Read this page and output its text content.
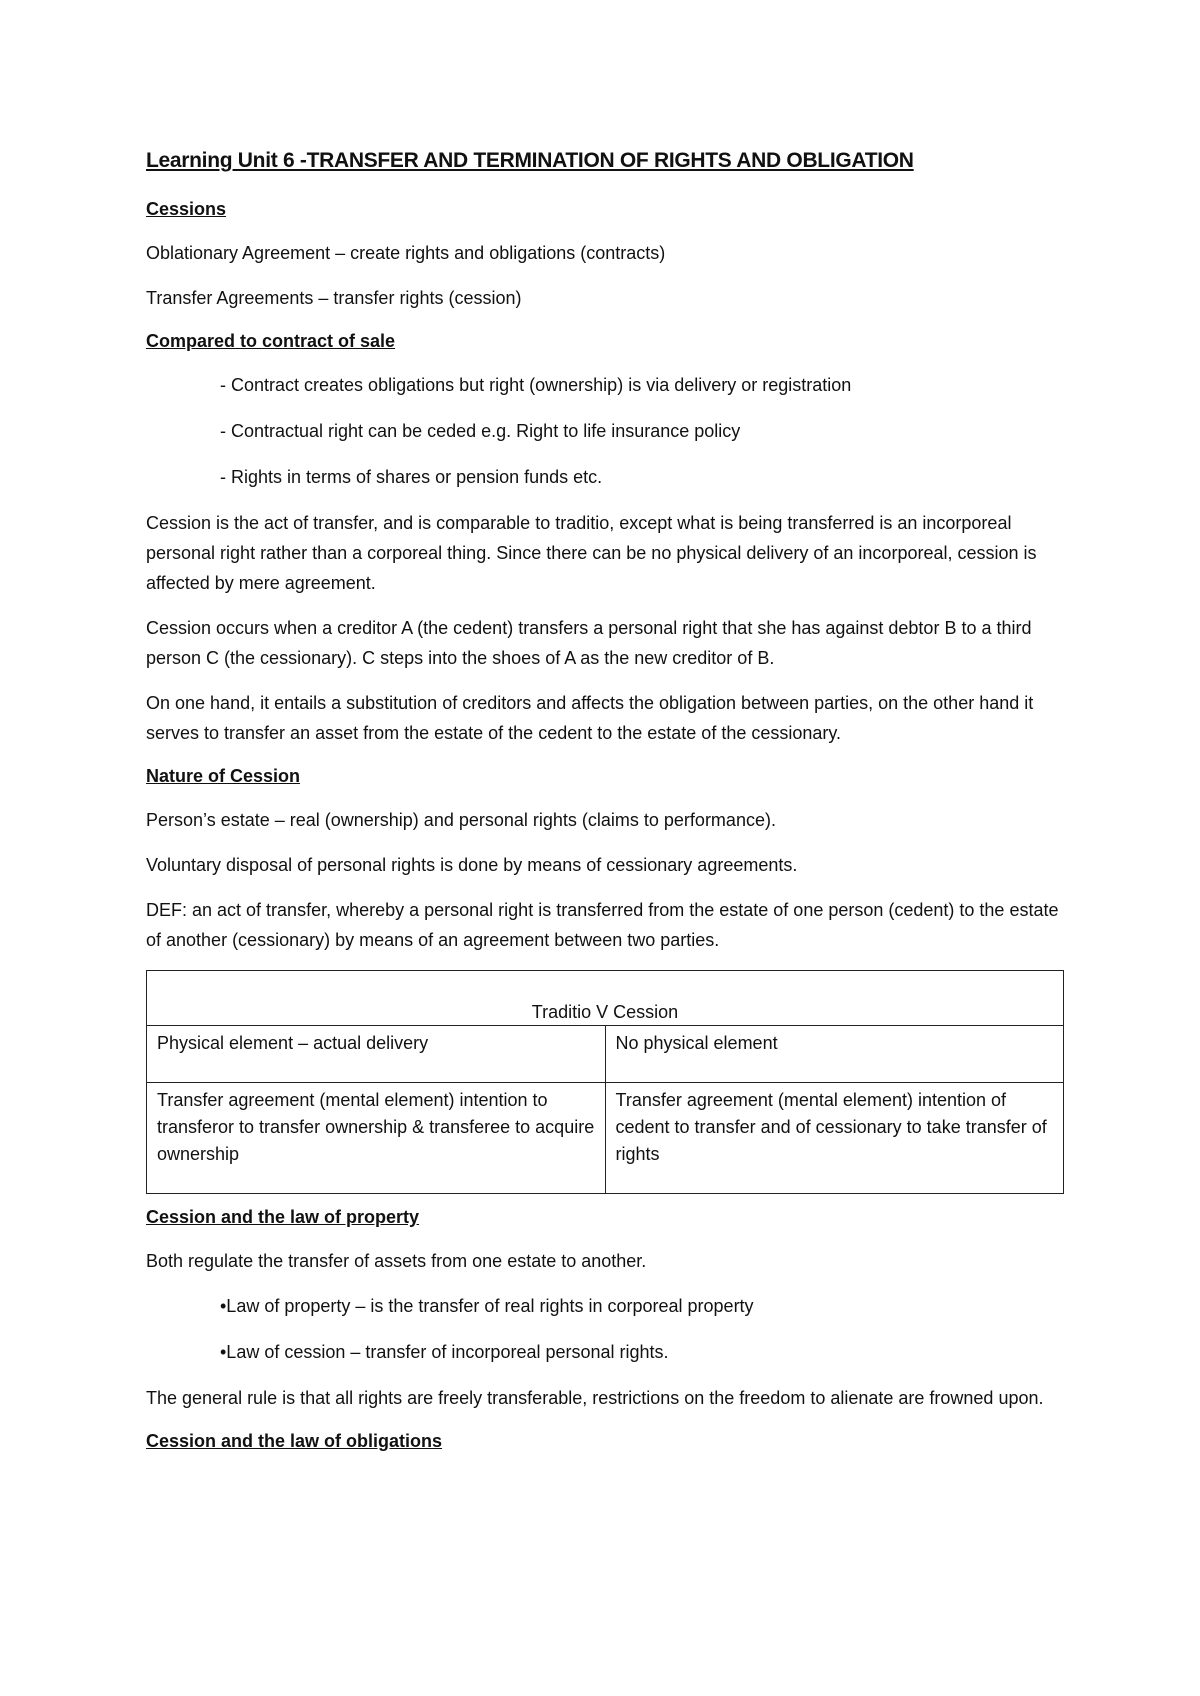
Learning Unit 6 -TRANSFER AND TERMINATION OF RIGHTS AND OBLIGATION
Cessions
Oblationary Agreement – create rights and obligations (contracts)
Transfer Agreements – transfer rights (cession)
Compared to contract of sale
- Contract creates obligations but right (ownership) is via delivery or registration
- Contractual right can be ceded e.g. Right to life insurance policy
- Rights in terms of shares or pension funds etc.
Cession is the act of transfer, and is comparable to traditio, except what is being transferred is an incorporeal personal right rather than a corporeal thing. Since there can be no physical delivery of an incorporeal, cession is affected by mere agreement.
Cession occurs when a creditor A (the cedent) transfers a personal right that she has against debtor B to a third person C (the cessionary). C steps into the shoes of A as the new creditor of B.
On one hand, it entails a substitution of creditors and affects the obligation between parties, on the other hand it serves to transfer an asset from the estate of the cedent to the estate of the cessionary.
Nature of Cession
Person’s estate – real (ownership) and personal rights (claims to performance).
Voluntary disposal of personal rights is done by means of cessionary agreements.
DEF: an act of transfer, whereby a personal right is transferred from the estate of one person (cedent) to the estate of another (cessionary) by means of an agreement between two parties.
Traditio V Cession	
Physical element – actual delivery	No physical element
Transfer agreement (mental element) intention to transferor to transfer ownership & transferee to acquire ownership	Transfer agreement (mental element) intention of cedent to transfer and of cessionary to take transfer of rights
Cession and the law of property
Both regulate the transfer of assets from one estate to another.
•Law of property – is the transfer of real rights in corporeal property
•Law of cession – transfer of incorporeal personal rights.
The general rule is that all rights are freely transferable, restrictions on the freedom to alienate are frowned upon.
Cession and the law of obligations
